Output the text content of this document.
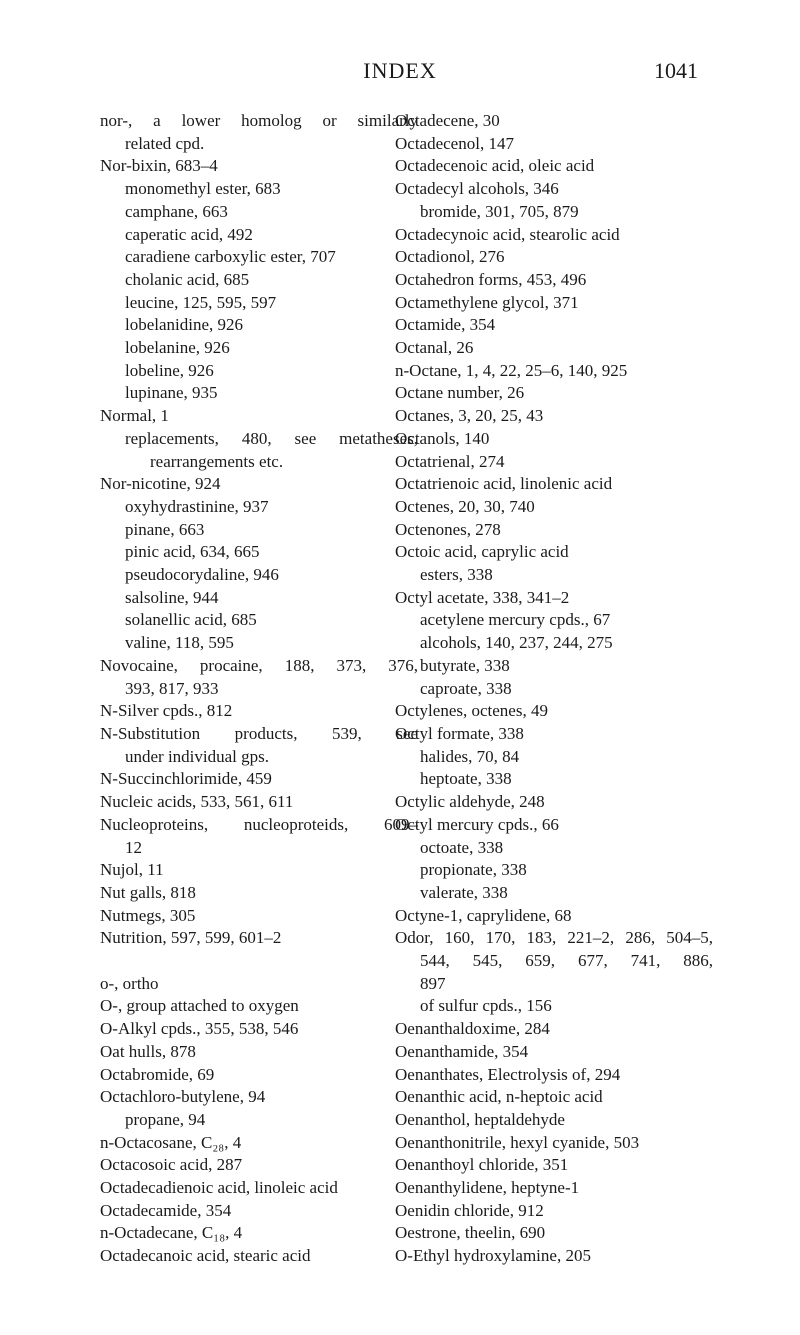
INDEX	1041
nor-, a lower homolog or similarly
related cpd.
Nor-bixin, 683–4
monomethyl ester, 683
camphane, 663
caperatic acid, 492
caradiene carboxylic ester, 707
cholanic acid, 685
leucine, 125, 595, 597
lobelanidine, 926
lobelanine, 926
lobeline, 926
lupinane, 935
Normal, 1
replacements, 480, see metatheses,
rearrangements etc.
Nor-nicotine, 924
oxyhydrastinine, 937
pinane, 663
pinic acid, 634, 665
pseudocorydaline, 946
salsoline, 944
solanellic acid, 685
valine, 118, 595
Novocaine, procaine, 188, 373, 376,
393, 817, 933
N-Silver cpds., 812
N-Substitution products, 539, see
under individual gps.
N-Succinchlorimide, 459
Nucleic acids, 533, 561, 611
Nucleoproteins, nucleoproteids, 609–
12
Nujol, 11
Nut galls, 818
Nutmegs, 305
Nutrition, 597, 599, 601–2
o-, ortho
O-, group attached to oxygen
O-Alkyl cpds., 355, 538, 546
Oat hulls, 878
Octabromide, 69
Octachloro-butylene, 94
propane, 94
n-Octacosane, C₂₈, 4
Octacosoic acid, 287
Octadecadienoic acid, linoleic acid
Octadecamide, 354
n-Octadecane, C₁₈, 4
Octadecanoic acid, stearic acid
Octadecene, 30
Octadecenol, 147
Octadecenoic acid, oleic acid
Octadecyl alcohols, 346
bromide, 301, 705, 879
Octadecynoic acid, stearolic acid
Octadionol, 276
Octahedron forms, 453, 496
Octamethylene glycol, 371
Octamide, 354
Octanal, 26
n-Octane, 1, 4, 22, 25–6, 140, 925
Octane number, 26
Octanes, 3, 20, 25, 43
Octanols, 140
Octatrienal, 274
Octatrienoic acid, linolenic acid
Octenes, 20, 30, 740
Octenones, 278
Octoic acid, caprylic acid
esters, 338
Octyl acetate, 338, 341–2
acetylene mercury cpds., 67
alcohols, 140, 237, 244, 275
butyrate, 338
caproate, 338
Octylenes, octenes, 49
Octyl formate, 338
halides, 70, 84
heptoate, 338
Octylic aldehyde, 248
Octyl mercury cpds., 66
octoate, 338
propionate, 338
valerate, 338
Octyne-1, caprylidene, 68
Odor, 160, 170, 183, 221–2, 286, 504–5,
544, 545, 659, 677, 741, 886,
897
of sulfur cpds., 156
Oenanthaldoxime, 284
Oenanthamide, 354
Oenanthates, Electrolysis of, 294
Oenanthic acid, n-heptoic acid
Oenanthol, heptaldehyde
Oenanthonitrile, hexyl cyanide, 503
Oenanthoyl chloride, 351
Oenanthylidene, heptyne-1
Oenidin chloride, 912
Oestrone, theelin, 690
O-Ethyl hydroxylamine, 205
